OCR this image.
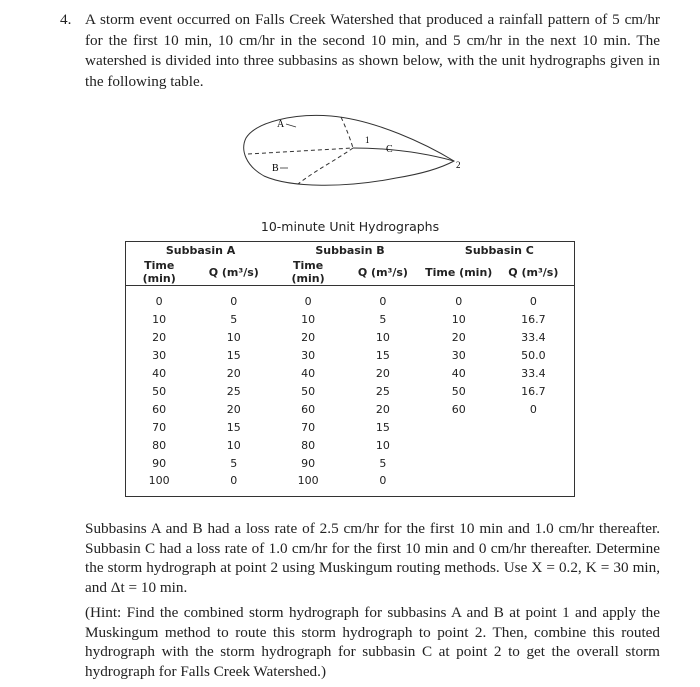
4. A storm event occurred on Falls Creek Watershed that produced a rainfall pattern of 5 cm/hr for the first 10 min, 10 cm/hr in the second 10 min, and 5 cm/hr in the next 10 min. The watershed is divided into three subbasins as shown below, with the unit hydrographs given in the following table.
A
B
C
1
2
10-minute Unit Hydrographs
Subbasin A		Subbasin B		Subbasin C	
Time (min)	Q (m³/s)	Time (min)	Q (m³/s)	Time (min)	Q (m³/s)

0	0	0	0	0	0
10	5	10	5	10	16.7
20	10	20	10	20	33.4
30	15	30	15	30	50.0
40	20	40	20	40	33.4
50	25	50	25	50	16.7
60	20	60	20	60	0
70	15	70	15		
80	10	80	10		
90	5	90	5		
100	0	100	0		
Subbasins A and B had a loss rate of 2.5 cm/hr for the first 10 min and 1.0 cm/hr thereafter. Subbasin C had a loss rate of 1.0 cm/hr for the first 10 min and 0 cm/hr thereafter. Determine the storm hydrograph at point 2 using Muskingum routing methods. Use X = 0.2, K = 30 min, and Δt = 10 min.
(Hint: Find the combined storm hydrograph for subbasins A and B at point 1 and apply the Muskingum method to route this storm hydrograph to point 2. Then, combine this routed hydrograph with the storm hydrograph for subbasin C at point 2 to get the overall storm hydrograph for Falls Creek Watershed.)
